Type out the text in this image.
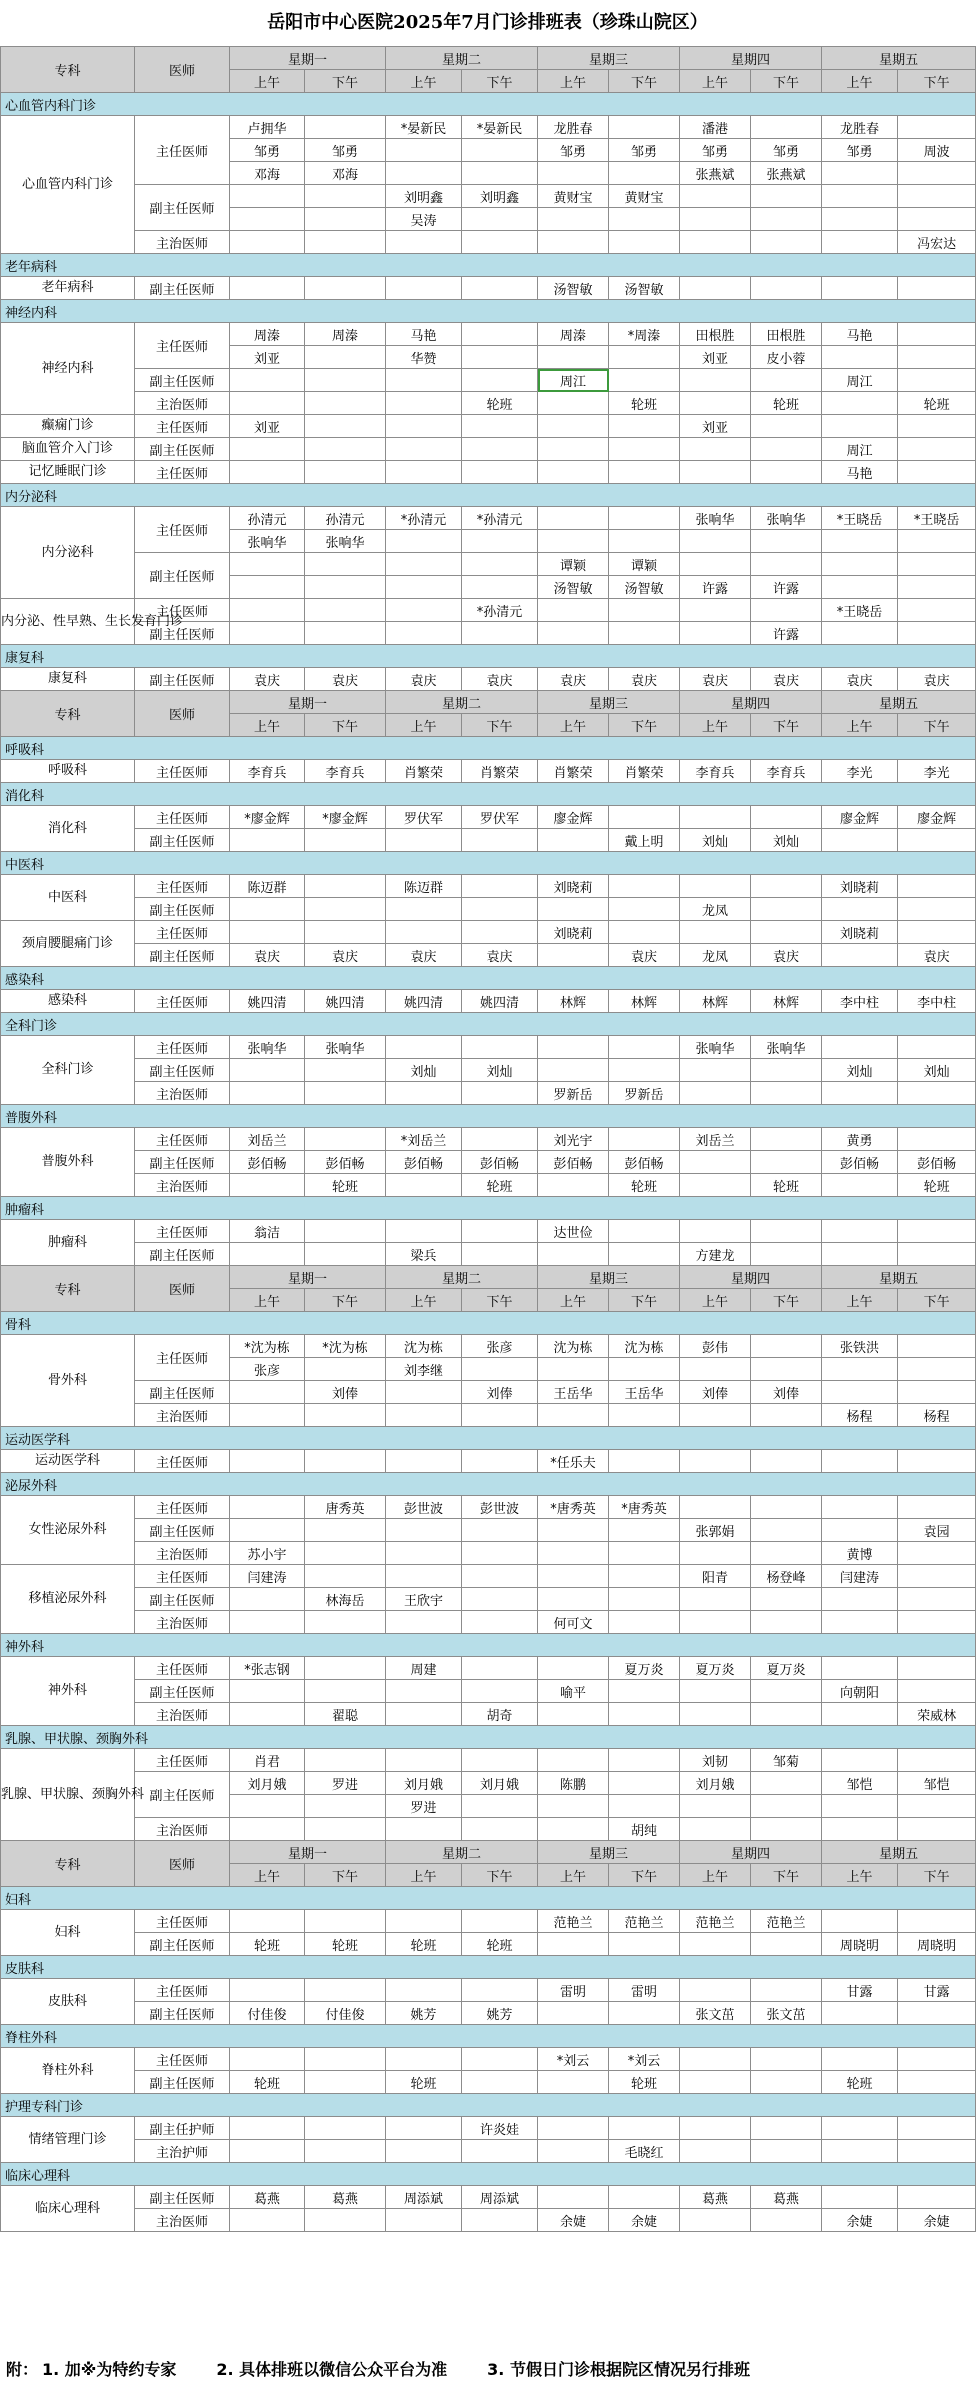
岳阳市中心医院2025年7月门诊排班表（珍珠山院区）
专科	医师	星期一		星期二		星期三		星期四		星期五	
		上午	下午	上午	下午	上午	下午	上午	下午	上午	下午
心血管内科门诊											
心血管内科门诊	主任医师	卢拥华		*晏新民	*晏新民	龙胜春		潘港		龙胜春	
		邹勇	邹勇			邹勇	邹勇	邹勇	邹勇	邹勇	周波
		邓海	邓海					张燕斌	张燕斌		
	副主任医师			刘明鑫	刘明鑫	黄财宝	黄财宝				
				吴涛							
	主治医师										冯宏达
老年病科											
老年病科	副主任医师					汤智敏	汤智敏				
神经内科											
神经内科	主任医师	周溱	周溱	马艳		周溱	*周溱	田根胜	田根胜	马艳	
		刘亚		华赞				刘亚	皮小蓉		
	副主任医师					周江				周江	
	主治医师				轮班		轮班		轮班		轮班
癫痫门诊	主任医师	刘亚						刘亚			
脑血管介入门诊	副主任医师									周江	
记忆睡眠门诊	主任医师									马艳	
内分泌科											
内分泌科	主任医师	孙清元	孙清元	*孙清元	*孙清元			张响华	张响华	*王晓岳	*王晓岳
		张响华	张响华								
	副主任医师					谭颖	谭颖				
						汤智敏	汤智敏	许露	许露		
内分泌、性早熟、生长发育门诊	主任医师				*孙清元					*王晓岳	
	副主任医师								许露		
康复科											
康复科	副主任医师	袁庆	袁庆	袁庆	袁庆	袁庆	袁庆	袁庆	袁庆	袁庆	袁庆
专科	医师	星期一		星期二		星期三		星期四		星期五	
		上午	下午	上午	下午	上午	下午	上午	下午	上午	下午
呼吸科											
呼吸科	主任医师	李育兵	李育兵	肖繁荣	肖繁荣	肖繁荣	肖繁荣	李育兵	李育兵	李光	李光
消化科											
消化科	主任医师	*廖金辉	*廖金辉	罗伏军	罗伏军	廖金辉				廖金辉	廖金辉
	副主任医师						戴上明	刘灿	刘灿		
中医科											
中医科	主任医师	陈迈群		陈迈群		刘晓莉				刘晓莉	
	副主任医师							龙凤			
颈肩腰腿痛门诊	主任医师					刘晓莉				刘晓莉	
	副主任医师	袁庆	袁庆	袁庆	袁庆		袁庆	龙凤	袁庆		袁庆
感染科											
感染科	主任医师	姚四清	姚四清	姚四清	姚四清	林辉	林辉	林辉	林辉	李中柱	李中柱
全科门诊											
全科门诊	主任医师	张响华	张响华					张响华	张响华		
	副主任医师			刘灿	刘灿					刘灿	刘灿
	主治医师					罗新岳	罗新岳				
普腹外科											
普腹外科	主任医师	刘岳兰		*刘岳兰		刘光宇		刘岳兰		黄勇	
	副主任医师	彭佰畅	彭佰畅	彭佰畅	彭佰畅	彭佰畅	彭佰畅			彭佰畅	彭佰畅
	主治医师		轮班		轮班		轮班		轮班		轮班
肿瘤科											
肿瘤科	主任医师	翁洁				达世俭					
	副主任医师			梁兵				方建龙			
专科	医师	星期一		星期二		星期三		星期四		星期五	
		上午	下午	上午	下午	上午	下午	上午	下午	上午	下午
骨科											
骨外科	主任医师	*沈为栋	*沈为栋	沈为栋	张彦	沈为栋	沈为栋	彭伟		张铁洪	
		张彦		刘李继							
	副主任医师		刘俸		刘俸	王岳华	王岳华	刘俸	刘俸		
	主治医师									杨程	杨程
运动医学科											
运动医学科	主任医师					*任乐夫					
泌尿外科											
女性泌尿外科	主任医师		唐秀英	彭世波	彭世波	*唐秀英	*唐秀英				
	副主任医师							张郭娟			袁园
	主治医师	苏小宇								黄博	
移植泌尿外科	主任医师	闫建涛						阳青	杨登峰	闫建涛	
	副主任医师		林海岳	王欣宇							
	主治医师					何可文					
神外科											
神外科	主任医师	*张志钢		周建			夏万炎	夏万炎	夏万炎		
	副主任医师					喻平				向朝阳	
	主治医师		翟聪		胡奇						荣威林
乳腺、甲状腺、颈胸外科											
乳腺、甲状腺、颈胸外科	主任医师	肖君						刘韧	邹菊		
	副主任医师	刘月娥	罗进	刘月娥	刘月娥	陈鹏		刘月娥		邹恺	邹恺
				罗进							
	主治医师						胡纯				
专科	医师	星期一		星期二		星期三		星期四		星期五	
		上午	下午	上午	下午	上午	下午	上午	下午	上午	下午
妇科											
妇科	主任医师					范艳兰	范艳兰	范艳兰	范艳兰		
	副主任医师	轮班	轮班	轮班	轮班					周晓明	周晓明
皮肤科											
皮肤科	主任医师					雷明	雷明			甘露	甘露
	副主任医师	付佳俊	付佳俊	姚芳	姚芳			张文茁	张文茁		
脊柱外科											
脊柱外科	主任医师					*刘云	*刘云				
	副主任医师	轮班		轮班			轮班			轮班	
护理专科门诊											
情绪管理门诊	副主任护师				许炎娃						
	主治护师						毛晓红				
临床心理科											
临床心理科	副主任医师	葛燕	葛燕	周添斌	周添斌			葛燕	葛燕		
	主治医师					余婕	余婕			余婕	余婕
附： 1. 加※为特约专家	2. 具体排班以微信公众平台为准	3. 节假日门诊根据院区情况另行排班
